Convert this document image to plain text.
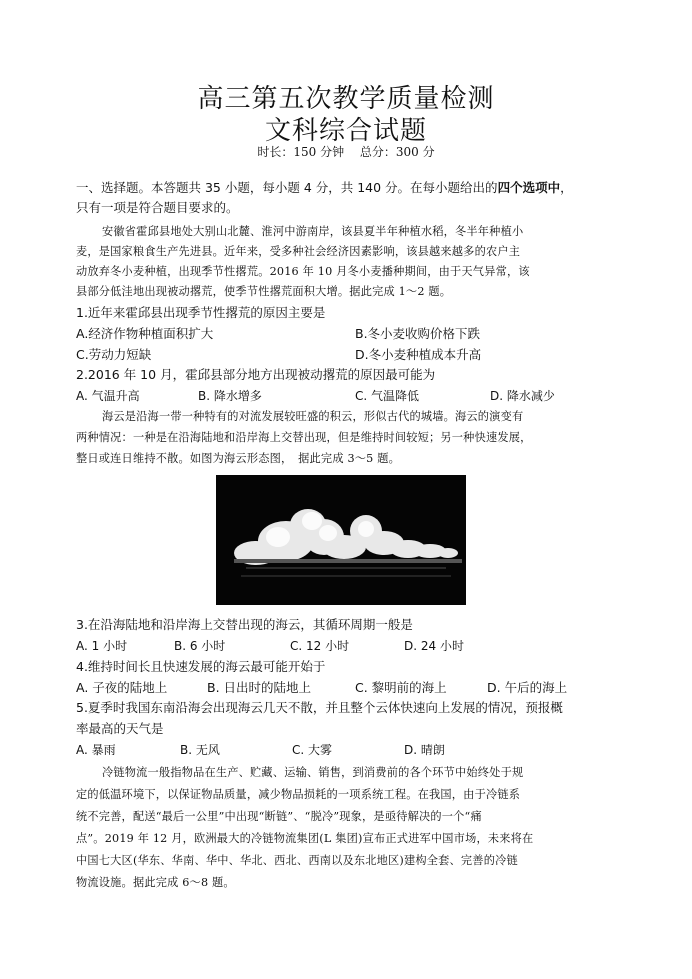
高三第五次教学质量检测
文科综合试题
时长：150 分钟　 总分：300 分
一、选择题。本答题共 35 小题，每小题 4 分，共 140 分。在每小题给出的四个选项中，
只有一项是符合题目要求的。
安徽省霍邱县地处大别山北麓、淮河中游南岸，该县夏半年种植水稻，冬半年种植小
麦，是国家粮食生产先进县。近年来，受多种社会经济因素影响，该县越来越多的农户主
动放弃冬小麦种植，出现季节性撂荒。2016 年 10 月冬小麦播种期间，由于天气异常，该
县部分低洼地出现被动撂荒，使季节性撂荒面积大增。据此完成 1～2 题。
1.近年来霍邱县出现季节性撂荒的原因主要是
A.经济作物种植面积扩大	B.冬小麦收购价格下跌
C.劳动力短缺	D.冬小麦种植成本升高
2.2016 年 10 月，霍邱县部分地方出现被动撂荒的原因最可能为
A. 气温升高	B. 降水增多	C. 气温降低	D. 降水减少
海云是沿海一带一种特有的对流发展较旺盛的积云，形似古代的城墙。海云的演变有
两种情况：一种是在沿海陆地和沿岸海上交替出现，但是维持时间较短；另一种快速发展，
整日或连日维持不散。如图为海云形态图，　据此完成 3～5 题。
3.在沿海陆地和沿岸海上交替出现的海云，其循环周期一般是
A. 1 小时	B. 6 小时	C. 12 小时	D. 24 小时
4.维持时间长且快速发展的海云最可能开始于
A. 子夜的陆地上	B. 日出时的陆地上	C. 黎明前的海上	D. 午后的海上
5.夏季时我国东南沿海会出现海云几天不散，并且整个云体快速向上发展的情况，预报概
率最高的天气是
A. 暴雨	B. 无风	C. 大雾	D. 晴朗
冷链物流一般指物品在生产、贮藏、运输、销售，到消费前的各个环节中始终处于规
定的低温环境下，以保证物品质量，减少物品损耗的一项系统工程。在我国，由于冷链系
统不完善，配送“最后一公里”中出现“断链”、“脱冷”现象，是亟待解决的一个“痛
点”。2019 年 12 月，欧洲最大的冷链物流集团(L 集团)宣布正式进军中国市场，未来将在
中国七大区(华东、华南、华中、华北、西北、西南以及东北地区)建构全套、完善的冷链
物流设施。据此完成 6～8 题。
